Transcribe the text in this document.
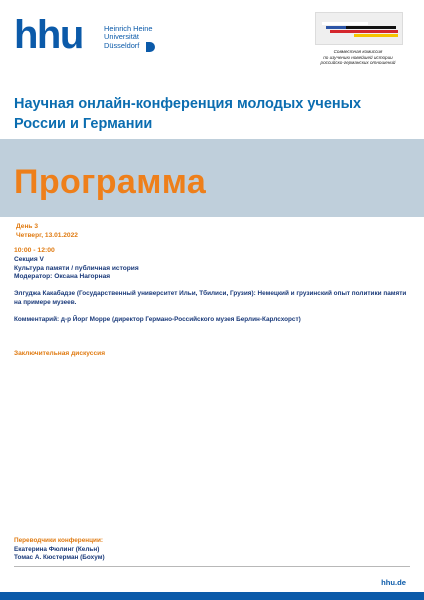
hhu	Heinrich Heine
Universität
Düsseldorf
Совместная комиссия
по изучению новейшей истории
российско-германских отношений
Научная онлайн-конференция молодых ученых
России и Германии
Программа
День 3
Четверг, 13.01.2022
10:00 - 12:00
Секция V
Культура памяти / публичная история
Модератор: Оксана Нагорная
Элгуджа Какабадзе (Государственный университет Ильи, Тбилиси, Грузия): Немецкий и грузинский опыт политики памяти на примере музеев.
Комментарий: д-р Йорг Морре (директор Германо-Российского музея Берлин-Карлсхорст)
Заключительная дискуссия
Переводчики конференции:
Екатерина Фюлинг (Кельн)
Томас А. Кюстерман (Бохум)
hhu.de
